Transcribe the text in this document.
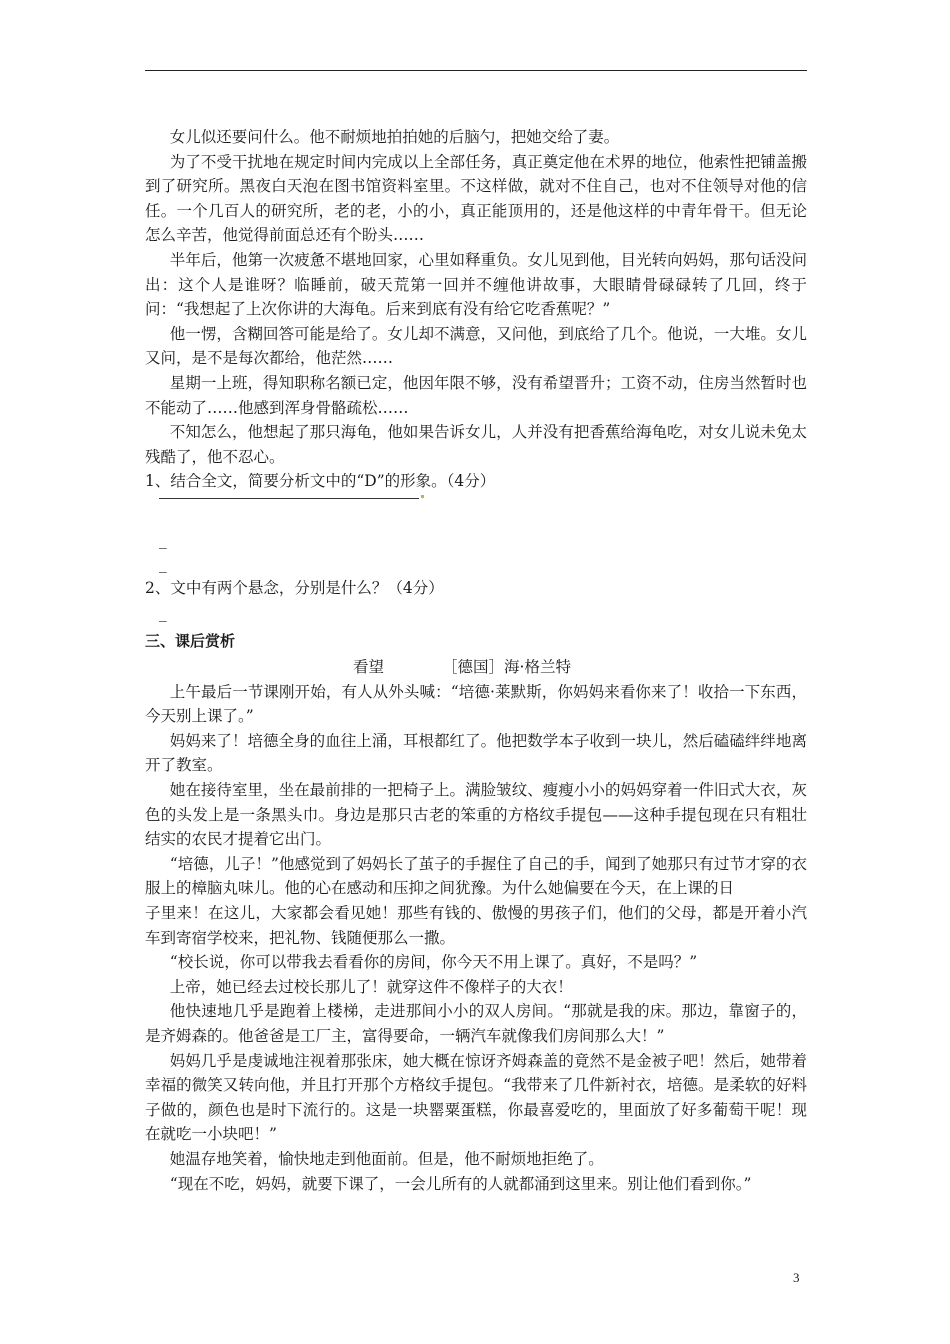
女儿似还要问什么。他不耐烦地拍拍她的后脑勺，把她交给了妻。

为了不受干扰地在规定时间内完成以上全部任务，真正奠定他在术界的地位，他索性把铺盖搬到了研究所。黑夜白天泡在图书馆资料室里。不这样做，就对不住自己，也对不住领导对他的信任。一个几百人的研究所，老的老，小的小，真正能顶用的，还是他这样的中青年骨干。但无论怎么辛苦，他觉得前面总还有个盼头……

半年后，他第一次疲惫不堪地回家，心里如释重负。女儿见到他，目光转向妈妈，那句话没问出：这个人是谁呀？临睡前，破天荒第一回并不缠他讲故事，大眼睛骨碌碌转了几回，终于问：“我想起了上次你讲的大海龟。后来到底有没有给它吃香蕉呢？”

他一愣，含糊回答可能是给了。女儿却不满意，又问他，到底给了几个。他说，一大堆。女儿又问，是不是每次都给，他茫然……

星期一上班，得知职称名额已定，他因年限不够，没有希望晋升；工资不动，住房当然暂时也不能动了……他感到浑身骨骼疏松……

不知怎么，他想起了那只海龟，他如果告诉女儿，人并没有把香蕉给海龟吃，对女儿说未免太残酷了，他不忍心。

1、结合全文，简要分析文中的“D”的形象。（4分）

_

_

2、文中有两个悬念，分别是什么？（4分）

_

三、课后赏析

看望	［德国］海·格兰特

上午最后一节课刚开始，有人从外头喊：“培德·莱默斯，你妈妈来看你来了！收拾一下东西，今天别上课了。”

妈妈来了！培德全身的血往上涌，耳根都红了。他把数学本子收到一块儿，然后磕磕绊绊地离开了教室。

她在接待室里，坐在最前排的一把椅子上。满脸皱纹、瘦瘦小小的妈妈穿着一件旧式大衣，灰色的头发上是一条黑头巾。身边是那只古老的笨重的方格纹手提包——这种手提包现在只有粗壮结实的农民才提着它出门。

“培德，儿子！”他感觉到了妈妈长了茧子的手握住了自己的手，闻到了她那只有过节才穿的衣服上的樟脑丸味儿。他的心在感动和压抑之间犹豫。为什么她偏要在今天，在上课的日

子里来！在这儿，大家都会看见她！那些有钱的、傲慢的男孩子们，他们的父母，都是开着小汽车到寄宿学校来，把礼物、钱随便那么一撒。

“校长说，你可以带我去看看你的房间，你今天不用上课了。真好，不是吗？”

上帝，她已经去过校长那儿了！就穿这件不像样子的大衣！

他快速地几乎是跑着上楼梯，走进那间小小的双人房间。“那就是我的床。那边，靠窗子的，是齐姆森的。他爸爸是工厂主，富得要命，一辆汽车就像我们房间那么大！”

妈妈几乎是虔诚地注视着那张床，她大概在惊讶齐姆森盖的竟然不是金被子吧！然后，她带着幸福的微笑又转向他，并且打开那个方格纹手提包。“我带来了几件新衬衣，培德。是柔软的好料子做的，颜色也是时下流行的。这是一块罂粟蛋糕，你最喜爱吃的，里面放了好多葡萄干呢！现在就吃一小块吧！”

她温存地笑着，愉快地走到他面前。但是，他不耐烦地拒绝了。

“现在不吃，妈妈，就要下课了，一会儿所有的人就都涌到这里来。别让他们看到你。”

3
